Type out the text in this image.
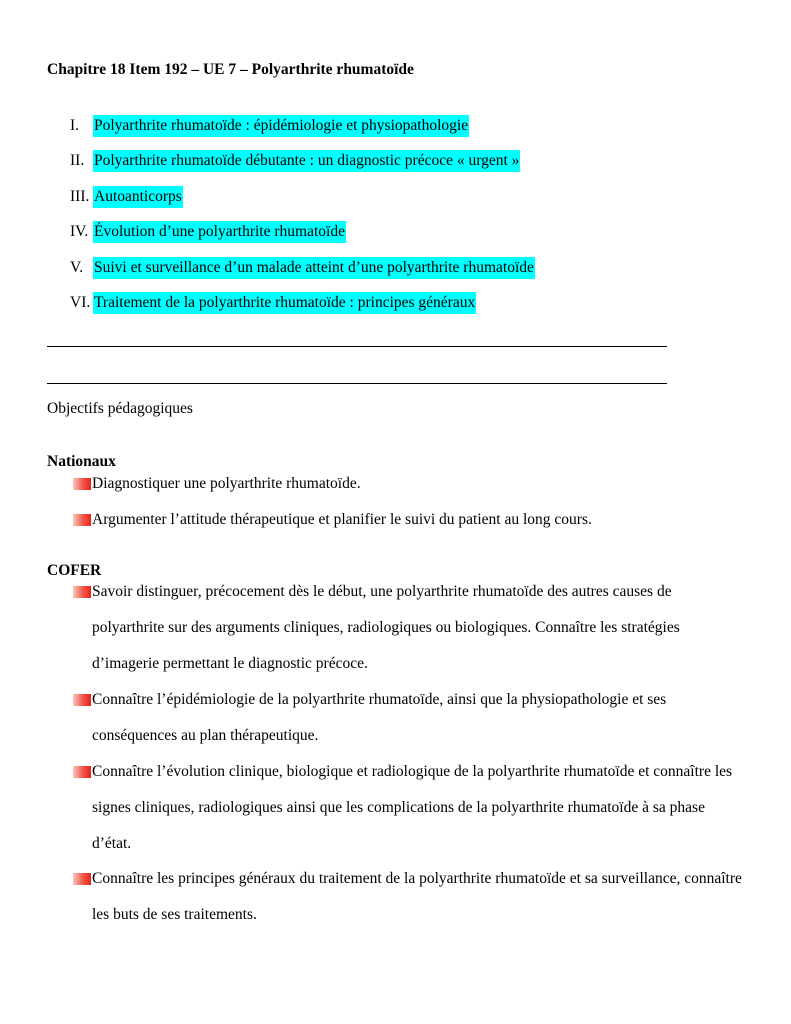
Chapitre 18 Item 192 – UE 7 – Polyarthrite rhumatoïde
I. Polyarthrite rhumatoïde : épidémiologie et physiopathologie
II. Polyarthrite rhumatoïde débutante : un diagnostic précoce « urgent »
III. Autoanticorps
IV. Évolution d’une polyarthrite rhumatoïde
V. Suivi et surveillance d’un malade atteint d’une polyarthrite rhumatoïde
VI. Traitement de la polyarthrite rhumatoïde : principes généraux
Objectifs pédagogiques
Nationaux
Diagnostiquer une polyarthrite rhumatoïde.
Argumenter l’attitude thérapeutique et planifier le suivi du patient au long cours.
COFER
Savoir distinguer, précocement dès le début, une polyarthrite rhumatoïde des autres causes de
polyarthrite sur des arguments cliniques, radiologiques ou biologiques. Connaître les stratégies
d’imagerie permettant le diagnostic précoce.
Connaître l’épidémiologie de la polyarthrite rhumatoïde, ainsi que la physiopathologie et ses
conséquences au plan thérapeutique.
Connaître l’évolution clinique, biologique et radiologique de la polyarthrite rhumatoïde et connaître les
signes cliniques, radiologiques ainsi que les complications de la polyarthrite rhumatoïde à sa phase
d’état.
Connaître les principes généraux du traitement de la polyarthrite rhumatoïde et sa surveillance, connaître
les buts de ses traitements.
